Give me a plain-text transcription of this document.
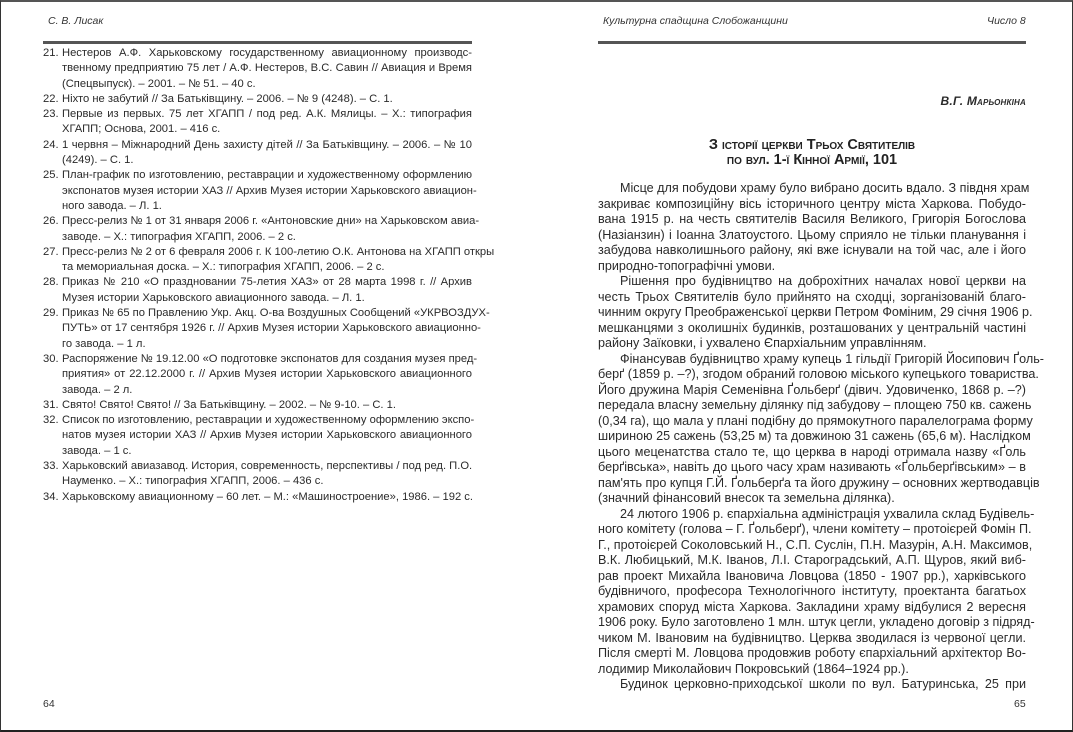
С. В. Лисак
21. Нестеров А.Ф. Харьковскому государственному авиационному производс-
твенному предприятию 75 лет / А.Ф. Нестеров, В.С. Савин // Авиация и Время
(Спецвыпуск). – 2001. – № 51. – 40 с.
22. Ніхто не забутий // За Батьківщину. – 2006. – № 9 (4248). – С. 1.
23. Первые из первых. 75 лет ХГАПП / под ред. А.К. Мялицы. – Х.: типография
ХГАПП; Основа, 2001. – 416 с.
24. 1 червня – Міжнародний День захисту дітей // За Батьківщину. – 2006. – № 10
(4249). – С. 1.
25. План-график по изготовлению, реставрации и художественному оформлению
экспонатов музея истории ХАЗ // Архив Музея истории Харьковского авиацион-
ного завода. – Л. 1.
26. Пресс-релиз № 1 от 31 января 2006 г. «Антоновские дни» на Харьковском авиа-
заводе. – Х.: типография ХГАПП, 2006. – 2 с.
27. Пресс-релиз № 2 от 6 февраля 2006 г. К 100-летию О.К. Антонова на ХГАПП откры
та мемориальная доска. – Х.: типография ХГАПП, 2006. – 2 с.
28. Приказ № 210 «О праздновании 75-летия ХАЗ» от 28 марта 1998 г. // Архив
Музея истории Харьковского авиационного завода. – Л. 1.
29. Приказ № 65 по Правлению Укр. Акц. О-ва Воздушных Сообщений «УКРВОЗДУХ-
ПУТЬ» от 17 сентября 1926 г. // Архив Музея истории Харьковского авиационно-
го завода. – 1 л.
30. Распоряжение № 19.12.00 «О подготовке экспонатов для создания музея пред-
приятия» от 22.12.2000 г. // Архив Музея истории Харьковского авиационного
завода. – 2 л.
31. Свято! Свято! Свято! // За Батьківщину. – 2002. – № 9-10. – С. 1.
32. Список по изготовлению, реставрации и художественному оформлению экспо-
натов музея истории ХАЗ // Архив Музея истории Харьковского авиационного
завода. – 1 с.
33. Харьковский авиазавод. История, современность, перспективы / под ред. П.О.
Науменко. – Х.: типография ХГАПП, 2006. – 436 с.
34. Харьковскому авиационному – 60 лет. – М.: «Машиностроение», 1986. – 192 с.
64
Культурна спадщина Слобожанщини	Число 8
В.Г. Марьонкіна
З історії церкви Трьох Святителів
по вул. 1-ї Кінної Армії, 101
Місце для побудови храму було вибрано досить вдало. З півдня храм
закриває композиційну вісь історичного центру міста Харкова. Побудо-
вана 1915 р. на честь святителів Василя Великого, Григорія Богослова
(Назіанзин) і Іоанна Златоустого. Цьому сприяло не тільки планування і
забудова навколишнього району, які вже існували на той час, але і його
природно-топографічні умови.
Рішення про будівництво на доброхітних началах нової церкви на
честь Трьох Святителів було прийнято на сходці, зорганізованій благо-
чинним округу Преображенської церкви Петром Фоміним, 29 січня 1906 р.
мешканцями з околишніх будинків, розташованих у центральній частині
району Заїковки, і ухвалено Єпархіальним управлінням.
Фінансував будівництво храму купець 1 гільдії Григорій Йосипович Ґоль-
берґ (1859 р. –?), згодом обраний головою міського купецького товариства.
Його дружина Марія Семенівна Ґольберґ (дівич. Удовиченко, 1868 р. –?)
передала власну земельну ділянку під забудову – площею 750 кв. сажень
(0,34 га), що мала у плані подібну до прямокутного паралелограма форму
шириною 25 сажень (53,25 м) та довжиною 31 сажень (65,6 м). Наслідком
цього меценатства стало те, що церква в народі отримала назву «Ґоль
берґівська», навіть до цього часу храм називають «Ґольберґівським» – в
пам'ять про купця Г.Й. Ґольберґа та його дружину – основних жертводавців
(значний фінансовий внесок та земельна ділянка).
24 лютого 1906 р. єпархіальна адміністрація ухвалила склад Будівель-
ного комітету (голова – Г. Ґольберґ), члени комітету – протоієрей Фомін П.
Г., протоієрей Соколовський Н., С.П. Суслін, П.Н. Мазурін, А.Н. Максимов,
В.К. Любицький, М.К. Іванов, Л.І. Староградський, А.П. Щуров, який виб-
рав проект Михайла Івановича Ловцова (1850 - 1907 рр.), харківського
будівничого, професора Технологічного інституту, проектанта багатьох
храмових споруд міста Харкова. Закладини храму відбулися 2 вересня
1906 року. Було заготовлено 1 млн. штук цегли, укладено договір з підряд-
чиком М. Івановим на будівництво. Церква зводилася із червоної цегли.
Після смерті М. Ловцова продовжив роботу єпархіальний архітектор Во-
лодимир Миколайович Покровський (1864–1924 рр.).
Будинок церковно-приходської школи по вул. Батуринська, 25 при
65
